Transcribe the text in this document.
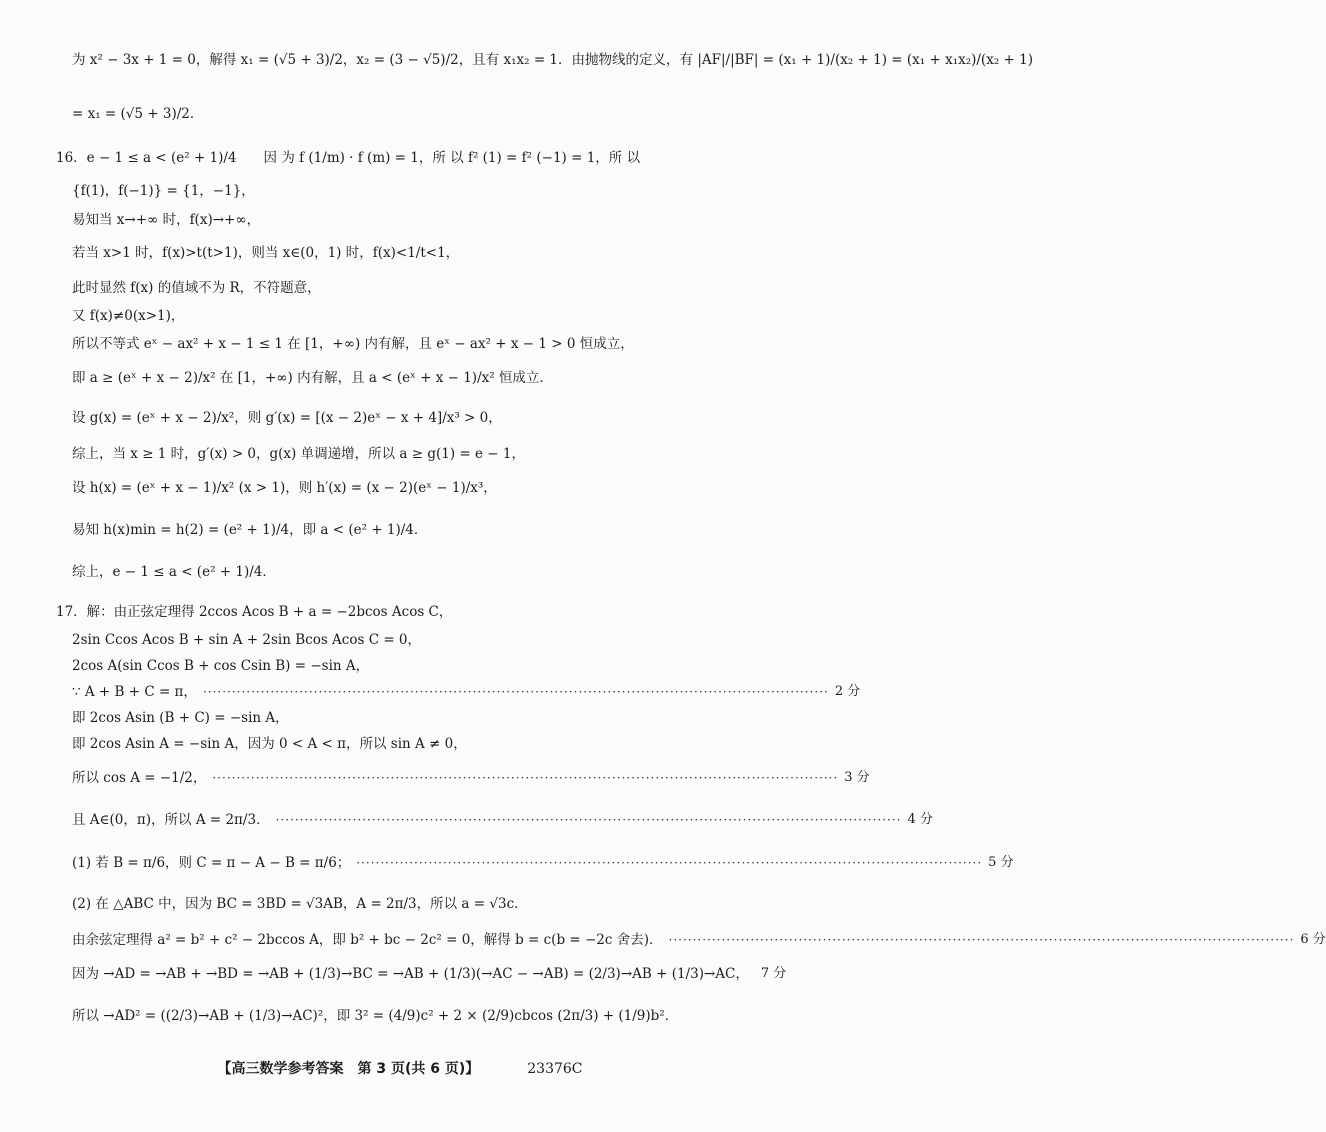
为 x² − 3x + 1 = 0，解得 x₁ = (√5 + 3)/2，x₂ = (3 − √5)/2，且有 x₁x₂ = 1．由抛物线的定义，有 |AF|/|BF| = (x₁ + 1)/(x₂ + 1) = (x₁ + x₁x₂)/(x₂ + 1)
= x₁ = (√5 + 3)/2．
16．e − 1 ≤ a < (e² + 1)/4　　因 为 f (1/m) · f (m) = 1，所 以 f² (1) = f² (−1) = 1，所 以
{f(1)，f(−1)} = {1，−1}，
易知当 x→+∞ 时，f(x)→+∞，
若当 x>1 时，f(x)>t(t>1)，则当 x∈(0，1) 时，f(x)<1/t<1，
此时显然 f(x) 的值域不为 R，不符题意，
又 f(x)≠0(x>1)，
所以不等式 eˣ − ax² + x − 1 ≤ 1 在 [1，+∞) 内有解，且 eˣ − ax² + x − 1 > 0 恒成立，
即 a ≥ (eˣ + x − 2)/x² 在 [1，+∞) 内有解，且 a < (eˣ + x − 1)/x² 恒成立．
设 g(x) = (eˣ + x − 2)/x²，则 g′(x) = [(x − 2)eˣ − x + 4]/x³ > 0，
综上，当 x ≥ 1 时，g′(x) > 0，g(x) 单调递增，所以 a ≥ g(1) = e − 1，
设 h(x) = (eˣ + x − 1)/x² (x > 1)，则 h′(x) = (x − 2)(eˣ − 1)/x³，
易知 h(x)min = h(2) = (e² + 1)/4，即 a < (e² + 1)/4．
综上，e − 1 ≤ a < (e² + 1)/4．
17．解：由正弦定理得 2ccos Acos B + a = −2bcos Acos C，
2sin Ccos Acos B + sin A + 2sin Bcos Acos C = 0，
2cos A(sin Ccos B + cos Csin B) = −sin A，
∵ A + B + C = π， ·····	2 分
即 2cos Asin (B + C) = −sin A，
即 2cos Asin A = −sin A，因为 0 < A < π，所以 sin A ≠ 0，
所以 cos A = −1/2， ·····	3 分
且 A∈(0，π)，所以 A = 2π/3． ·····	4 分
(1) 若 B = π/6，则 C = π − A − B = π/6； ·····	5 分
(2) 在 △ABC 中，因为 BC = 3BD = √3AB，A = 2π/3，所以 a = √3c．
由余弦定理得 a² = b² + c² − 2bccos A，即 b² + bc − 2c² = 0，解得 b = c(b = −2c 舍去)． ·····	6 分
因为 →AD = →AB + →BD = →AB + (1/3)→BC = →AB + (1/3)(→AC − →AB) = (2/3)→AB + (1/3)→AC， 7 分
所以 →AD² = ((2/3)→AB + (1/3)→AC)²，即 3² = (4/9)c² + 2 × (2/9)cbcos (2π/3) + (1/9)b²．
【高三数学参考答案　第 3 页(共 6 页)】	23376C
